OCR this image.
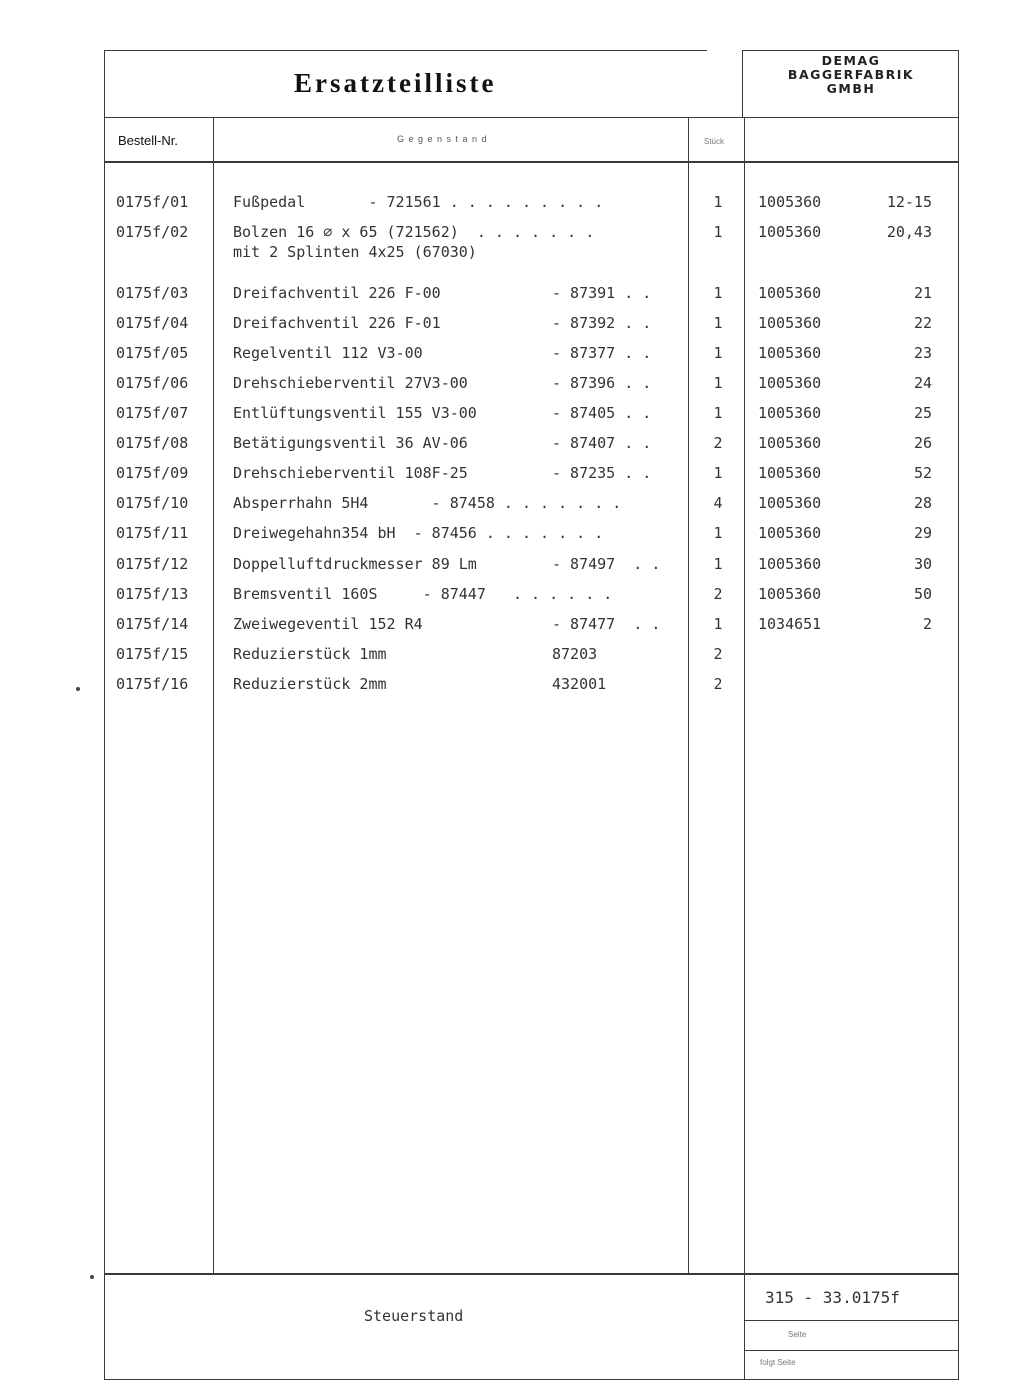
Ersatzteilliste
DEMAG
BAGGERFABRIK
GMBH
Bestell-Nr.	G e g e n s t a n d	Stück
0175f/01	Fußpedal       - 721561 . . . . . . . . .	1	1005360	12-15
0175f/02	Bolzen 16 ∅ x 65 (721562)  . . . . . . .	1	1005360	20,43
mit 2 Splinten 4x25 (67030)
0175f/03	Dreifachventil 226 F-00	- 87391 . .	1	1005360	21
0175f/04	Dreifachventil 226 F-01	- 87392 . .	1	1005360	22
0175f/05	Regelventil 112 V3-00	- 87377 . .	1	1005360	23
0175f/06	Drehschieberventil 27V3-00	- 87396 . .	1	1005360	24
0175f/07	Entlüftungsventil 155 V3-00	- 87405 . .	1	1005360	25
0175f/08	Betätigungsventil 36 AV-06	- 87407 . .	2	1005360	26
0175f/09	Drehschieberventil 108F-25	- 87235 . .	1	1005360	52
0175f/10	Absperrhahn 5H4       - 87458 . . . . . . .	4	1005360	28
0175f/11	Dreiwegehahn354 bH  - 87456 . . . . . . .	1	1005360	29
0175f/12	Doppelluftdruckmesser 89 Lm	- 87497  . .	1	1005360	30
0175f/13	Bremsventil 160S     - 87447   . . . . . .	2	1005360	50
0175f/14	Zweiwegeventil 152 R4	- 87477  . .	1	1034651	2
0175f/15	Reduzierstück 1mm	87203	2
0175f/16	Reduzierstück 2mm	432001	2
Steuerstand
315 - 33.0175f
Seite
folgt Seite
